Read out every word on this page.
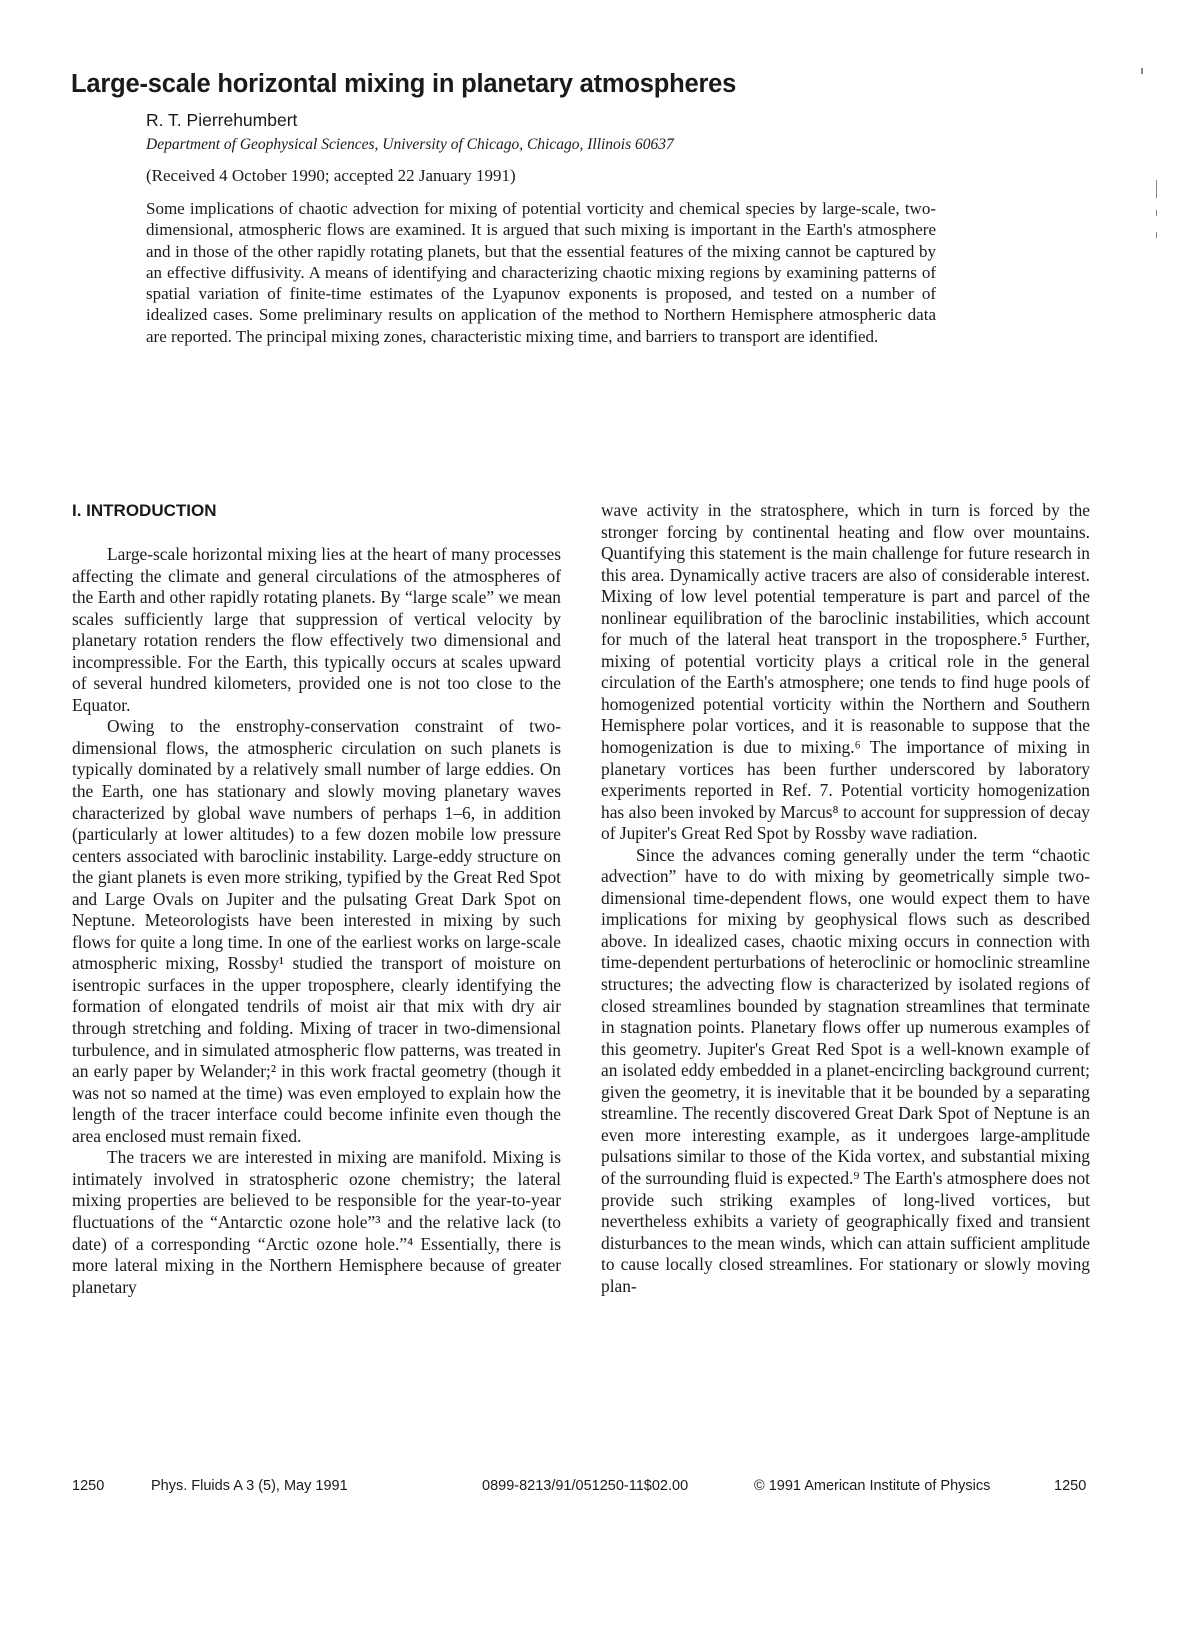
Large-scale horizontal mixing in planetary atmospheres
R. T. Pierrehumbert
Department of Geophysical Sciences, University of Chicago, Chicago, Illinois 60637
(Received 4 October 1990; accepted 22 January 1991)

Some implications of chaotic advection for mixing of potential vorticity and chemical species by large-scale, two-dimensional, atmospheric flows are examined. It is argued that such mixing is important in the Earth's atmosphere and in those of the other rapidly rotating planets, but that the essential features of the mixing cannot be captured by an effective diffusivity. A means of identifying and characterizing chaotic mixing regions by examining patterns of spatial variation of finite-time estimates of the Lyapunov exponents is proposed, and tested on a number of idealized cases. Some preliminary results on application of the method to Northern Hemisphere atmospheric data are reported. The principal mixing zones, characteristic mixing time, and barriers to transport are identified.

I. INTRODUCTION

Large-scale horizontal mixing lies at the heart of many processes affecting the climate and general circulations of the atmospheres of the Earth and other rapidly rotating planets. By “large scale” we mean scales sufficiently large that suppression of vertical velocity by planetary rotation renders the flow effectively two dimensional and incompressible. For the Earth, this typically occurs at scales upward of several hundred kilometers, provided one is not too close to the Equator.

Owing to the enstrophy-conservation constraint of two-dimensional flows, the atmospheric circulation on such planets is typically dominated by a relatively small number of large eddies. On the Earth, one has stationary and slowly moving planetary waves characterized by global wave numbers of perhaps 1–6, in addition (particularly at lower altitudes) to a few dozen mobile low pressure centers associated with baroclinic instability. Large-eddy structure on the giant planets is even more striking, typified by the Great Red Spot and Large Ovals on Jupiter and the pulsating Great Dark Spot on Neptune. Meteorologists have been interested in mixing by such flows for quite a long time. In one of the earliest works on large-scale atmospheric mixing, Rossby¹ studied the transport of moisture on isentropic surfaces in the upper troposphere, clearly identifying the formation of elongated tendrils of moist air that mix with dry air through stretching and folding. Mixing of tracer in two-dimensional turbulence, and in simulated atmospheric flow patterns, was treated in an early paper by Welander;² in this work fractal geometry (though it was not so named at the time) was even employed to explain how the length of the tracer interface could become infinite even though the area enclosed must remain fixed.

The tracers we are interested in mixing are manifold. Mixing is intimately involved in stratospheric ozone chemistry; the lateral mixing properties are believed to be responsible for the year-to-year fluctuations of the “Antarctic ozone hole”³ and the relative lack (to date) of a corresponding “Arctic ozone hole.”⁴ Essentially, there is more lateral mixing in the Northern Hemisphere because of greater planetary

wave activity in the stratosphere, which in turn is forced by the stronger forcing by continental heating and flow over mountains. Quantifying this statement is the main challenge for future research in this area. Dynamically active tracers are also of considerable interest. Mixing of low level potential temperature is part and parcel of the nonlinear equilibration of the baroclinic instabilities, which account for much of the lateral heat transport in the troposphere.⁵ Further, mixing of potential vorticity plays a critical role in the general circulation of the Earth's atmosphere; one tends to find huge pools of homogenized potential vorticity within the Northern and Southern Hemisphere polar vortices, and it is reasonable to suppose that the homogenization is due to mixing.⁶ The importance of mixing in planetary vortices has been further underscored by laboratory experiments reported in Ref. 7. Potential vorticity homogenization has also been invoked by Marcus⁸ to account for suppression of decay of Jupiter's Great Red Spot by Rossby wave radiation.

Since the advances coming generally under the term “chaotic advection” have to do with mixing by geometrically simple two-dimensional time-dependent flows, one would expect them to have implications for mixing by geophysical flows such as described above. In idealized cases, chaotic mixing occurs in connection with time-dependent perturbations of heteroclinic or homoclinic streamline structures; the advecting flow is characterized by isolated regions of closed streamlines bounded by stagnation streamlines that terminate in stagnation points. Planetary flows offer up numerous examples of this geometry. Jupiter's Great Red Spot is a well-known example of an isolated eddy embedded in a planet-encircling background current; given the geometry, it is inevitable that it be bounded by a separating streamline. The recently discovered Great Dark Spot of Neptune is an even more interesting example, as it undergoes large-amplitude pulsations similar to those of the Kida vortex, and substantial mixing of the surrounding fluid is expected.⁹ The Earth's atmosphere does not provide such striking examples of long-lived vortices, but nevertheless exhibits a variety of geographically fixed and transient disturbances to the mean winds, which can attain sufficient amplitude to cause locally closed streamlines. For stationary or slowly moving plan-

1250	Phys. Fluids A 3 (5), May 1991	0899-8213/91/051250-11$02.00	© 1991 American Institute of Physics	1250
